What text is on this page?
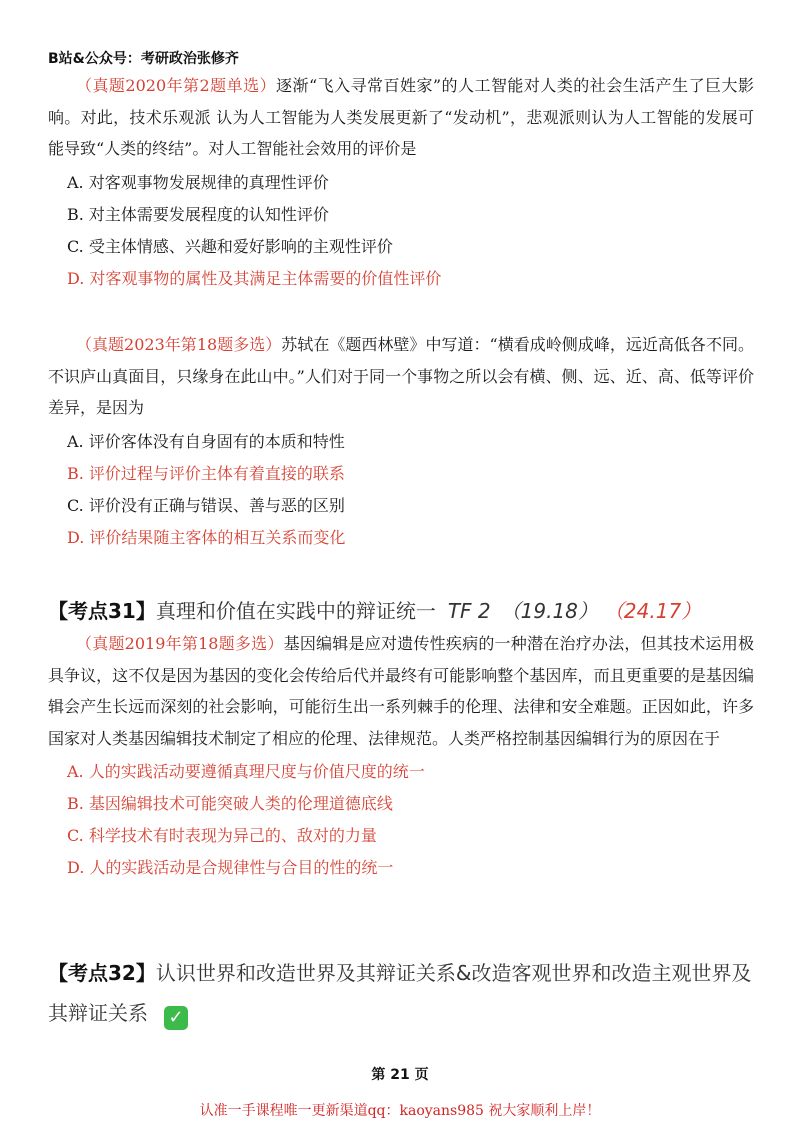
B站&公众号：考研政治张修齐

（真题2020年第2题单选）逐渐“飞入寻常百姓家”的人工智能对人类的社会生活产生了巨大影响。对此，技术乐观派 认为人工智能为人类发展更新了“发动机”，悲观派则认为人工智能的发展可能导致“人类的终结”。对人工智能社会效用的评价是

A. 对客观事物发展规律的真理性评价
B. 对主体需要发展程度的认知性评价
C. 受主体情感、兴趣和爱好影响的主观性评价
D. 对客观事物的属性及其满足主体需要的价值性评价

（真题2023年第18题多选）苏轼在《题西林壁》中写道：“横看成岭侧成峰，远近高低各不同。不识庐山真面目，只缘身在此山中。”人们对于同一个事物之所以会有横、侧、远、近、高、低等评价差异，是因为

A. 评价客体没有自身固有的本质和特性
B. 评价过程与评价主体有着直接的联系
C. 评价没有正确与错误、善与恶的区别
D. 评价结果随主客体的相互关系而变化
【考点31】真理和价值在实践中的辩证统一 TF 2 （19.18） （24.17）

（真题2019年第18题多选）基因编辑是应对遗传性疾病的一种潜在治疗办法，但其技术运用极具争议，这不仅是因为基因的变化会传给后代并最终有可能影响整个基因库，而且更重要的是基因编辑会产生长远而深刻的社会影响，可能衍生出一系列棘手的伦理、法律和安全难题。正因如此，许多国家对人类基因编辑技术制定了相应的伦理、法律规范。人类严格控制基因编辑行为的原因在于

A. 人的实践活动要遵循真理尺度与价值尺度的统一
B. 基因编辑技术可能突破人类的伦理道德底线
C. 科学技术有时表现为异己的、敌对的力量
D. 人的实践活动是合规律性与合目的性的统一
【考点32】认识世界和改造世界及其辩证关系&改造客观世界和改造主观世界及其辩证关系 ✓
第 21 页
认准一手课程唯一更新渠道qq：kaoyans985 祝大家顺利上岸！
